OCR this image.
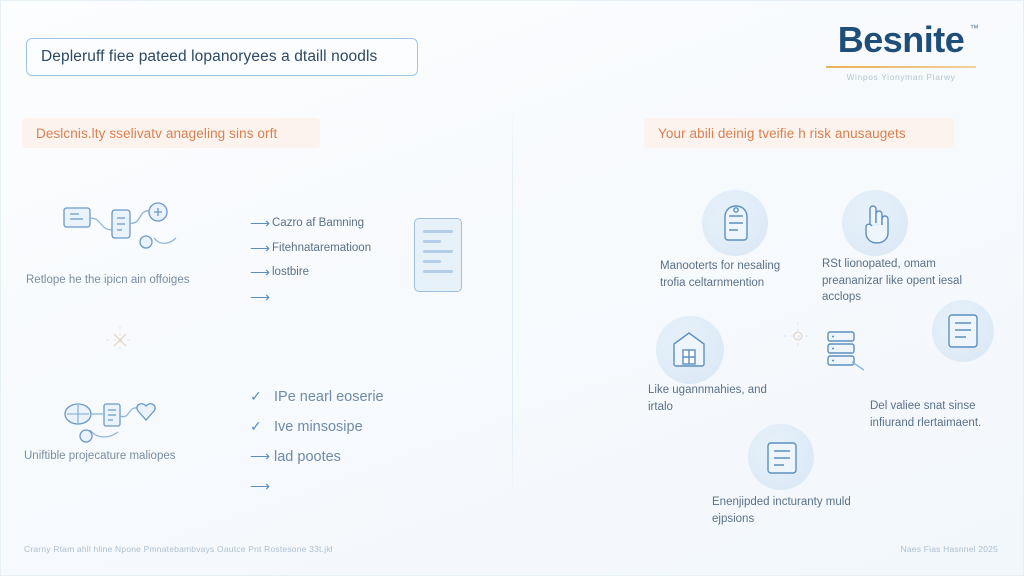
Depleruff fiee pateed lopanoryees a dtaill noodls	Besnite ™
Winpos Yionyman Plarwy
Deslcnis.lty sselivatv anageling sins orft	Your abili deinig tveifie h risk anusaugets
Retlope he the ipicn ain offoiges
⟶ Cazro af Bamning
⟶ Fitehnatarematioon
⟶ lostbire
⟶
Uniftible projecature maliopes
✓ IPe nearl eoserie
✓ Ive minsosipe
⟶ lad pootes
⟶
Manooterts for nesaling trofia celtarnmention
RSt lionopated, omam preananizar like opent iesal acclops
Like ugannmahies, and irtalo	Del valiee snat sinse infiurand rlertaimaent.
Enenjipded incturanty muld ejpsions
Crarny Rtam ahll hline Npone Pmnatebambvays Oautce Pnt Rostesone 33t.jkl	Naes Fias Hasnnel 2025
